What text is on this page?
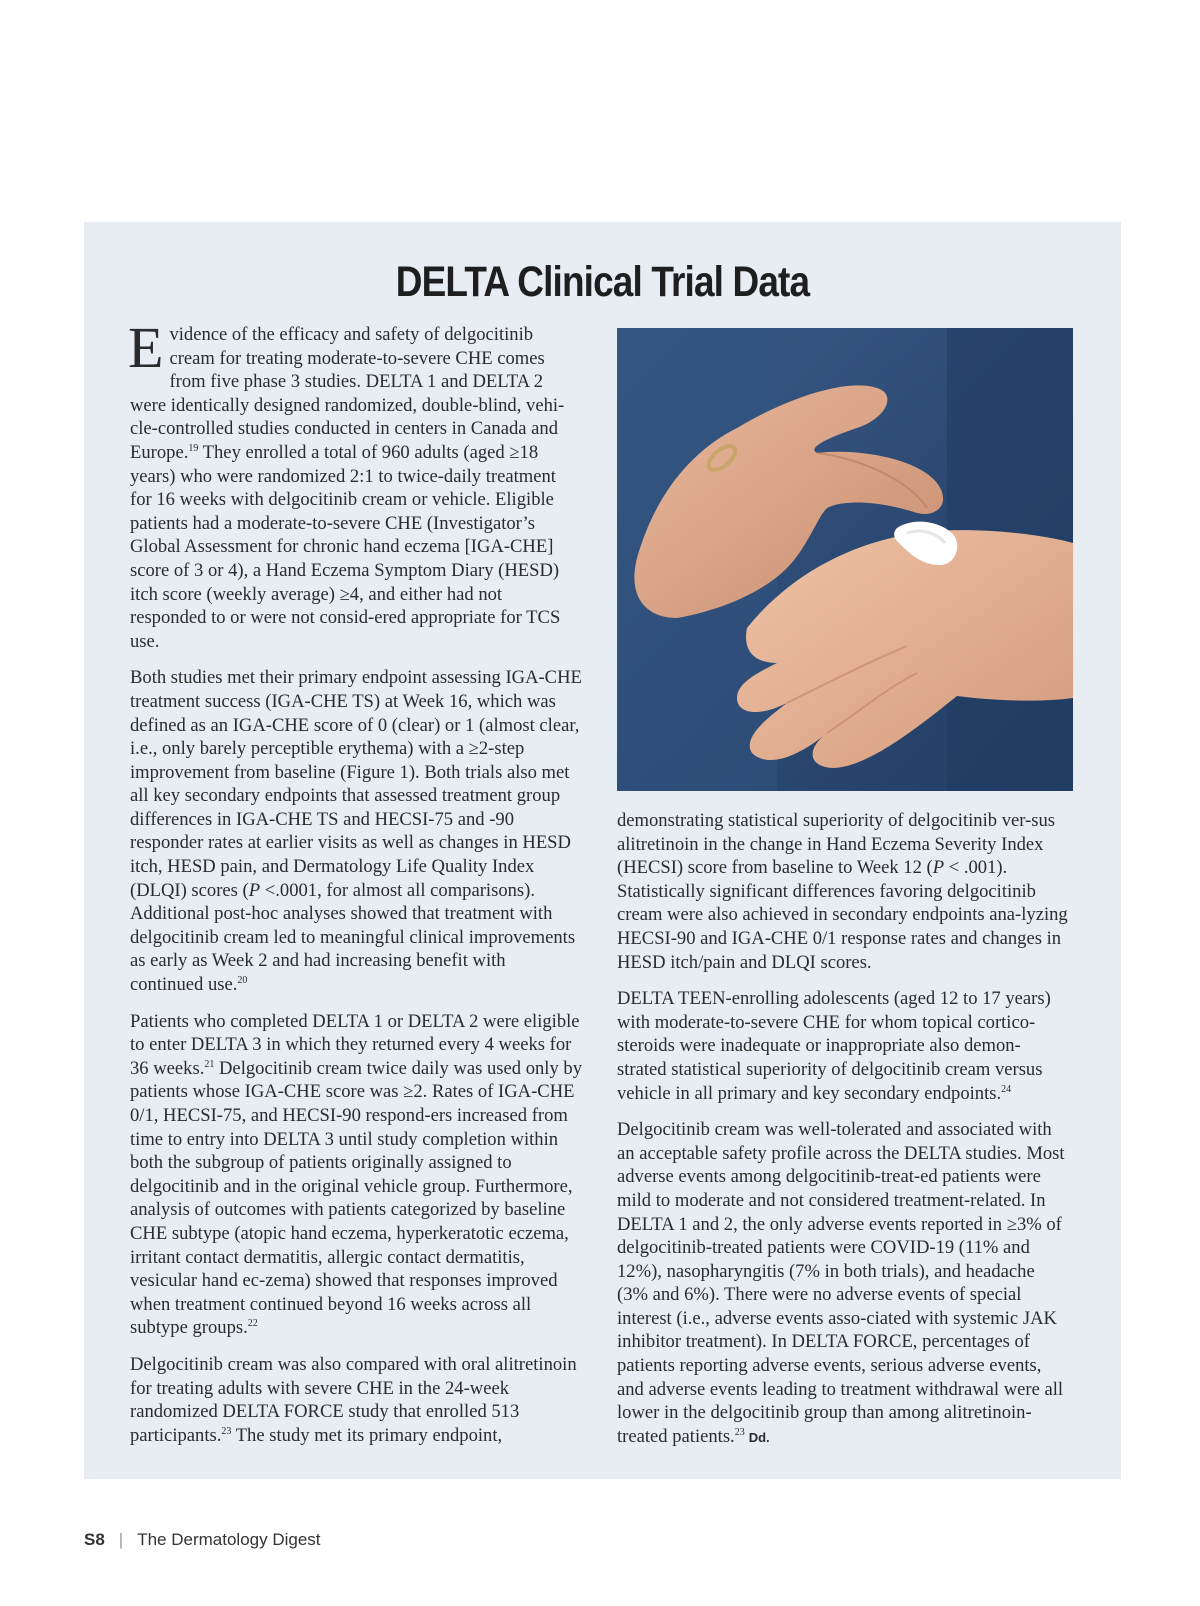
DELTA Clinical Trial Data

Evidence of the efficacy and safety of delgocitinib cream for treating moderate-to-severe CHE comes from five phase 3 studies. DELTA 1 and DELTA 2 were identically designed randomized, double-blind, vehi-cle-controlled studies conducted in centers in Canada and Europe.$^{19}$ They enrolled a total of 960 adults (aged ≥18 years) who were randomized 2:1 to twice-daily treatment for 16 weeks with delgocitinib cream or vehicle. Eligible patients had a moderate-to-severe CHE (Investigator’s Global Assessment for chronic hand eczema [IGA-CHE] score of 3 or 4), a Hand Eczema Symptom Diary (HESD) itch score (weekly average) ≥4, and either had not responded to or were not consid-ered appropriate for TCS use.

Both studies met their primary endpoint assessing IGA-CHE treatment success (IGA-CHE TS) at Week 16, which was defined as an IGA-CHE score of 0 (clear) or 1 (almost clear, i.e., only barely perceptible erythema) with a ≥2-step improvement from baseline (Figure 1). Both trials also met all key secondary endpoints that assessed treatment group differences in IGA-CHE TS and HECSI-75 and -90 responder rates at earlier visits as well as changes in HESD itch, HESD pain, and Dermatology Life Quality Index (DLQI) scores (P <.0001, for almost all comparisons). Additional post-hoc analyses showed that treatment with delgocitinib cream led to meaningful clinical improvements as early as Week 2 and had increasing benefit with continued use.$^{20}$

Patients who completed DELTA 1 or DELTA 2 were eligible to enter DELTA 3 in which they returned every 4 weeks for 36 weeks.$^{21}$ Delgocitinib cream twice daily was used only by patients whose IGA-CHE score was ≥2. Rates of IGA-CHE 0/1, HECSI-75, and HECSI-90 respond-ers increased from time to entry into DELTA 3 until study completion within both the subgroup of patients originally assigned to delgocitinib and in the original vehicle group. Furthermore, analysis of outcomes with patients categorized by baseline CHE subtype (atopic hand eczema, hyperkeratotic eczema, irritant contact dermatitis, allergic contact dermatitis, vesicular hand ec-zema) showed that responses improved when treatment continued beyond 16 weeks across all subtype groups.$^{22}$

Delgocitinib cream was also compared with oral alitretinoin for treating adults with severe CHE in the 24-week randomized DELTA FORCE study that enrolled 513 participants.$^{23}$ The study met its primary endpoint,

demonstrating statistical superiority of delgocitinib ver-sus alitretinoin in the change in Hand Eczema Severity Index (HECSI) score from baseline to Week 12 (P < .001). Statistically significant differences favoring delgocitinib cream were also achieved in secondary endpoints ana-lyzing HECSI-90 and IGA-CHE 0/1 response rates and changes in HESD itch/pain and DLQI scores.

DELTA TEEN-enrolling adolescents (aged 12 to 17 years) with moderate-to-severe CHE for whom topical cortico-steroids were inadequate or inappropriate also demon-strated statistical superiority of delgocitinib cream versus vehicle in all primary and key secondary endpoints.$^{24}$

Delgocitinib cream was well-tolerated and associated with an acceptable safety profile across the DELTA studies. Most adverse events among delgocitinib-treat-ed patients were mild to moderate and not considered treatment-related. In DELTA 1 and 2, the only adverse events reported in ≥3% of delgocitinib-treated patients were COVID-19 (11% and 12%), nasopharyngitis (7% in both trials), and headache (3% and 6%). There were no adverse events of special interest (i.e., adverse events asso-ciated with systemic JAK inhibitor treatment). In DELTA FORCE, percentages of patients reporting adverse events, serious adverse events, and adverse events leading to treatment withdrawal were all lower in the delgocitinib group than among alitretinoin-treated patients.$^{23}$ Dd.

S8 | The Dermatology Digest
